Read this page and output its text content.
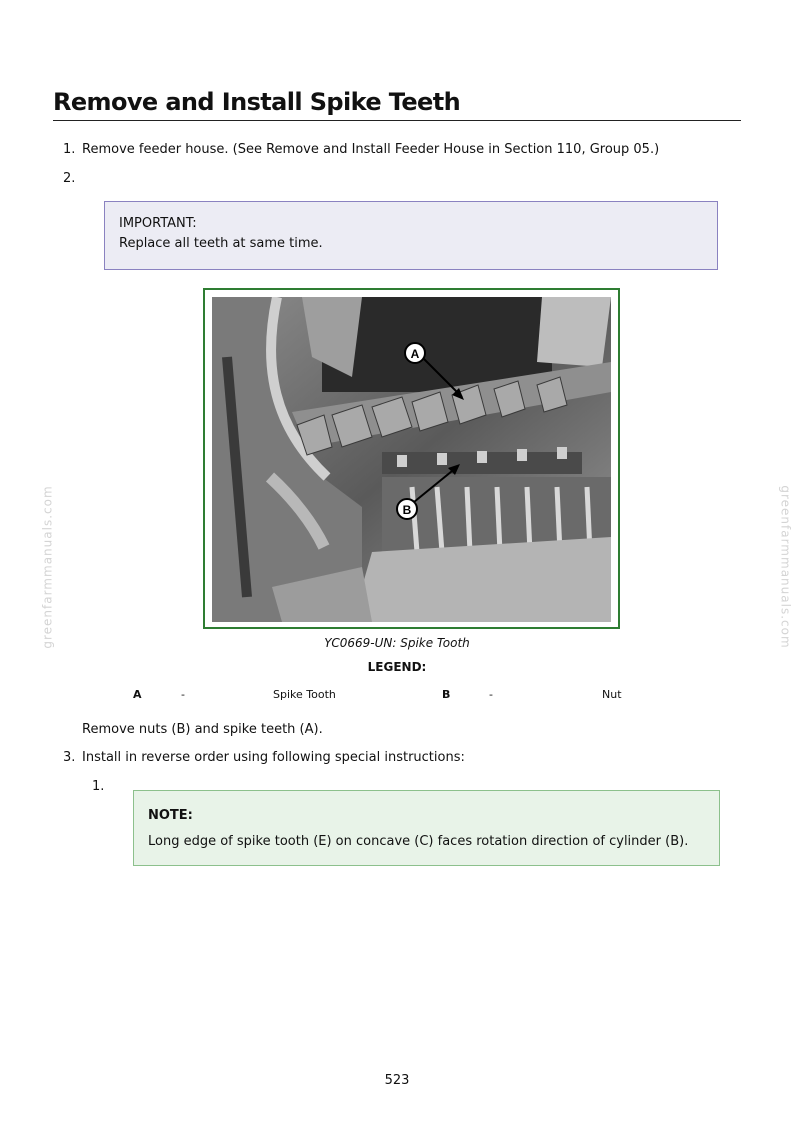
Remove and Install Spike Teeth
1. Remove feeder house. (See Remove and Install Feeder House in Section 110, Group 05.)
2.
IMPORTANT:
Replace all teeth at same time.
A
B
YC0669-UN: Spike Tooth
LEGEND:
A	-	Spike Tooth	B	-	Nut
Remove nuts (B) and spike teeth (A).
3. Install in reverse order using following special instructions:
1.
NOTE:
Long edge of spike tooth (E) on concave (C) faces rotation direction of cylinder (B).
greenfarmmanuals.com	greenfarmmanuals.com
523
